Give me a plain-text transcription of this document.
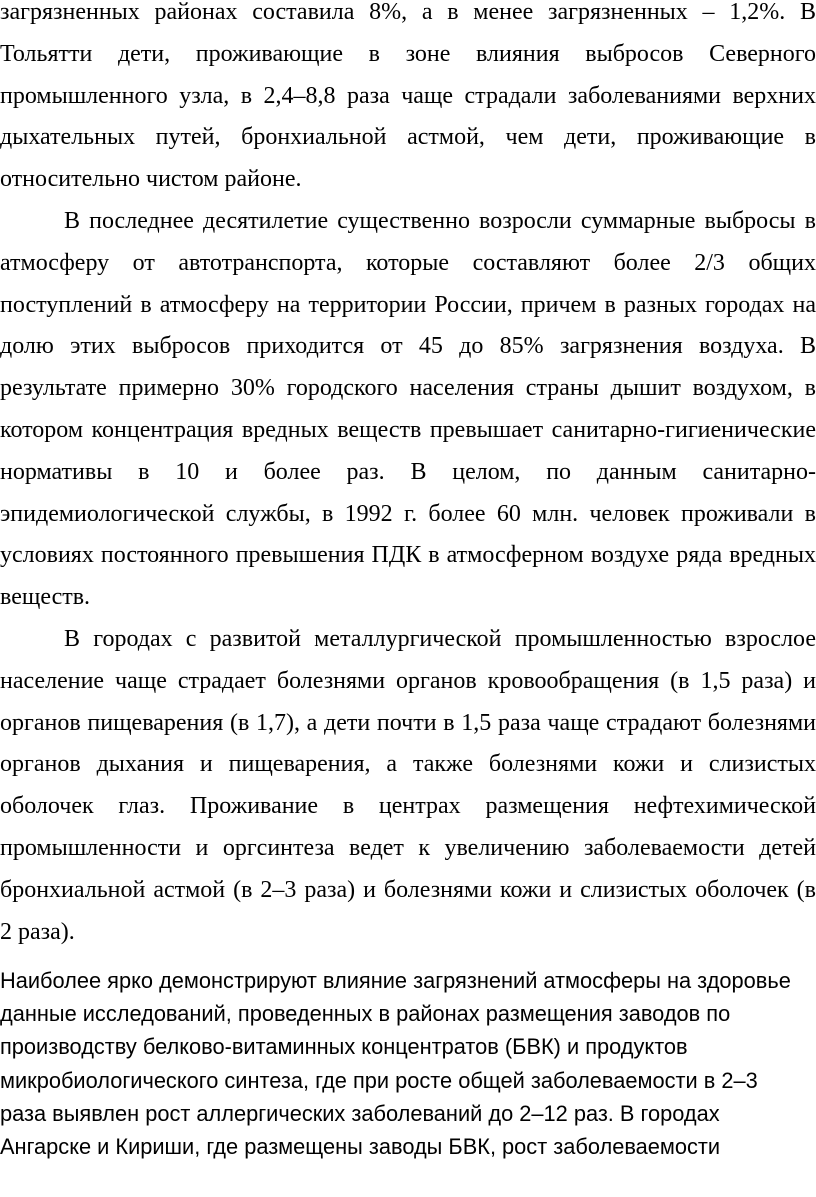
загрязненных районах составила 8%, а в менее загрязненных – 1,2%. В
Тольятти дети, проживающие в зоне влияния выбросов Северного
промышленного узла, в 2,4–8,8 раза чаще страдали заболеваниями верхних
дыхательных путей, бронхиальной астмой, чем дети, проживающие в
относительно чистом районе.

В последнее десятилетие существенно возросли суммарные выбросы в
атмосферу от автотранспорта, которые составляют более 2/3 общих
поступлений в атмосферу на территории России, причем в разных городах на
долю этих выбросов приходится от 45 до 85% загрязнения воздуха. В
результате примерно 30% городского населения страны дышит воздухом, в
котором концентрация вредных веществ превышает санитарно-гигиенические
нормативы в 10 и более раз. В целом, по данным санитарно-
эпидемиологической службы, в 1992 г. более 60 млн. человек проживали в
условиях постоянного превышения ПДК в атмосферном воздухе ряда вредных
веществ.

В городах с развитой металлургической промышленностью взрослое
население чаще страдает болезнями органов кровообращения (в 1,5 раза) и
органов пищеварения (в 1,7), а дети почти в 1,5 раза чаще страдают болезнями
органов дыхания и пищеварения, а также болезнями кожи и слизистых
оболочек глаз. Проживание в центрах размещения нефтехимической
промышленности и оргсинтеза ведет к увеличению заболеваемости детей
бронхиальной астмой (в 2–3 раза) и болезнями кожи и слизистых оболочек (в
2 раза).

Наиболее ярко демонстрируют влияние загрязнений атмосферы на здоровье
данные исследований, проведенных в районах размещения заводов по
производству белково-витаминных концентратов (БВК) и продуктов
микробиологического синтеза, где при росте общей заболеваемости в 2–3
раза выявлен рост аллергических заболеваний до 2–12 раз. В городах
Ангарске и Кириши, где размещены заводы БВК, рост заболеваемости
